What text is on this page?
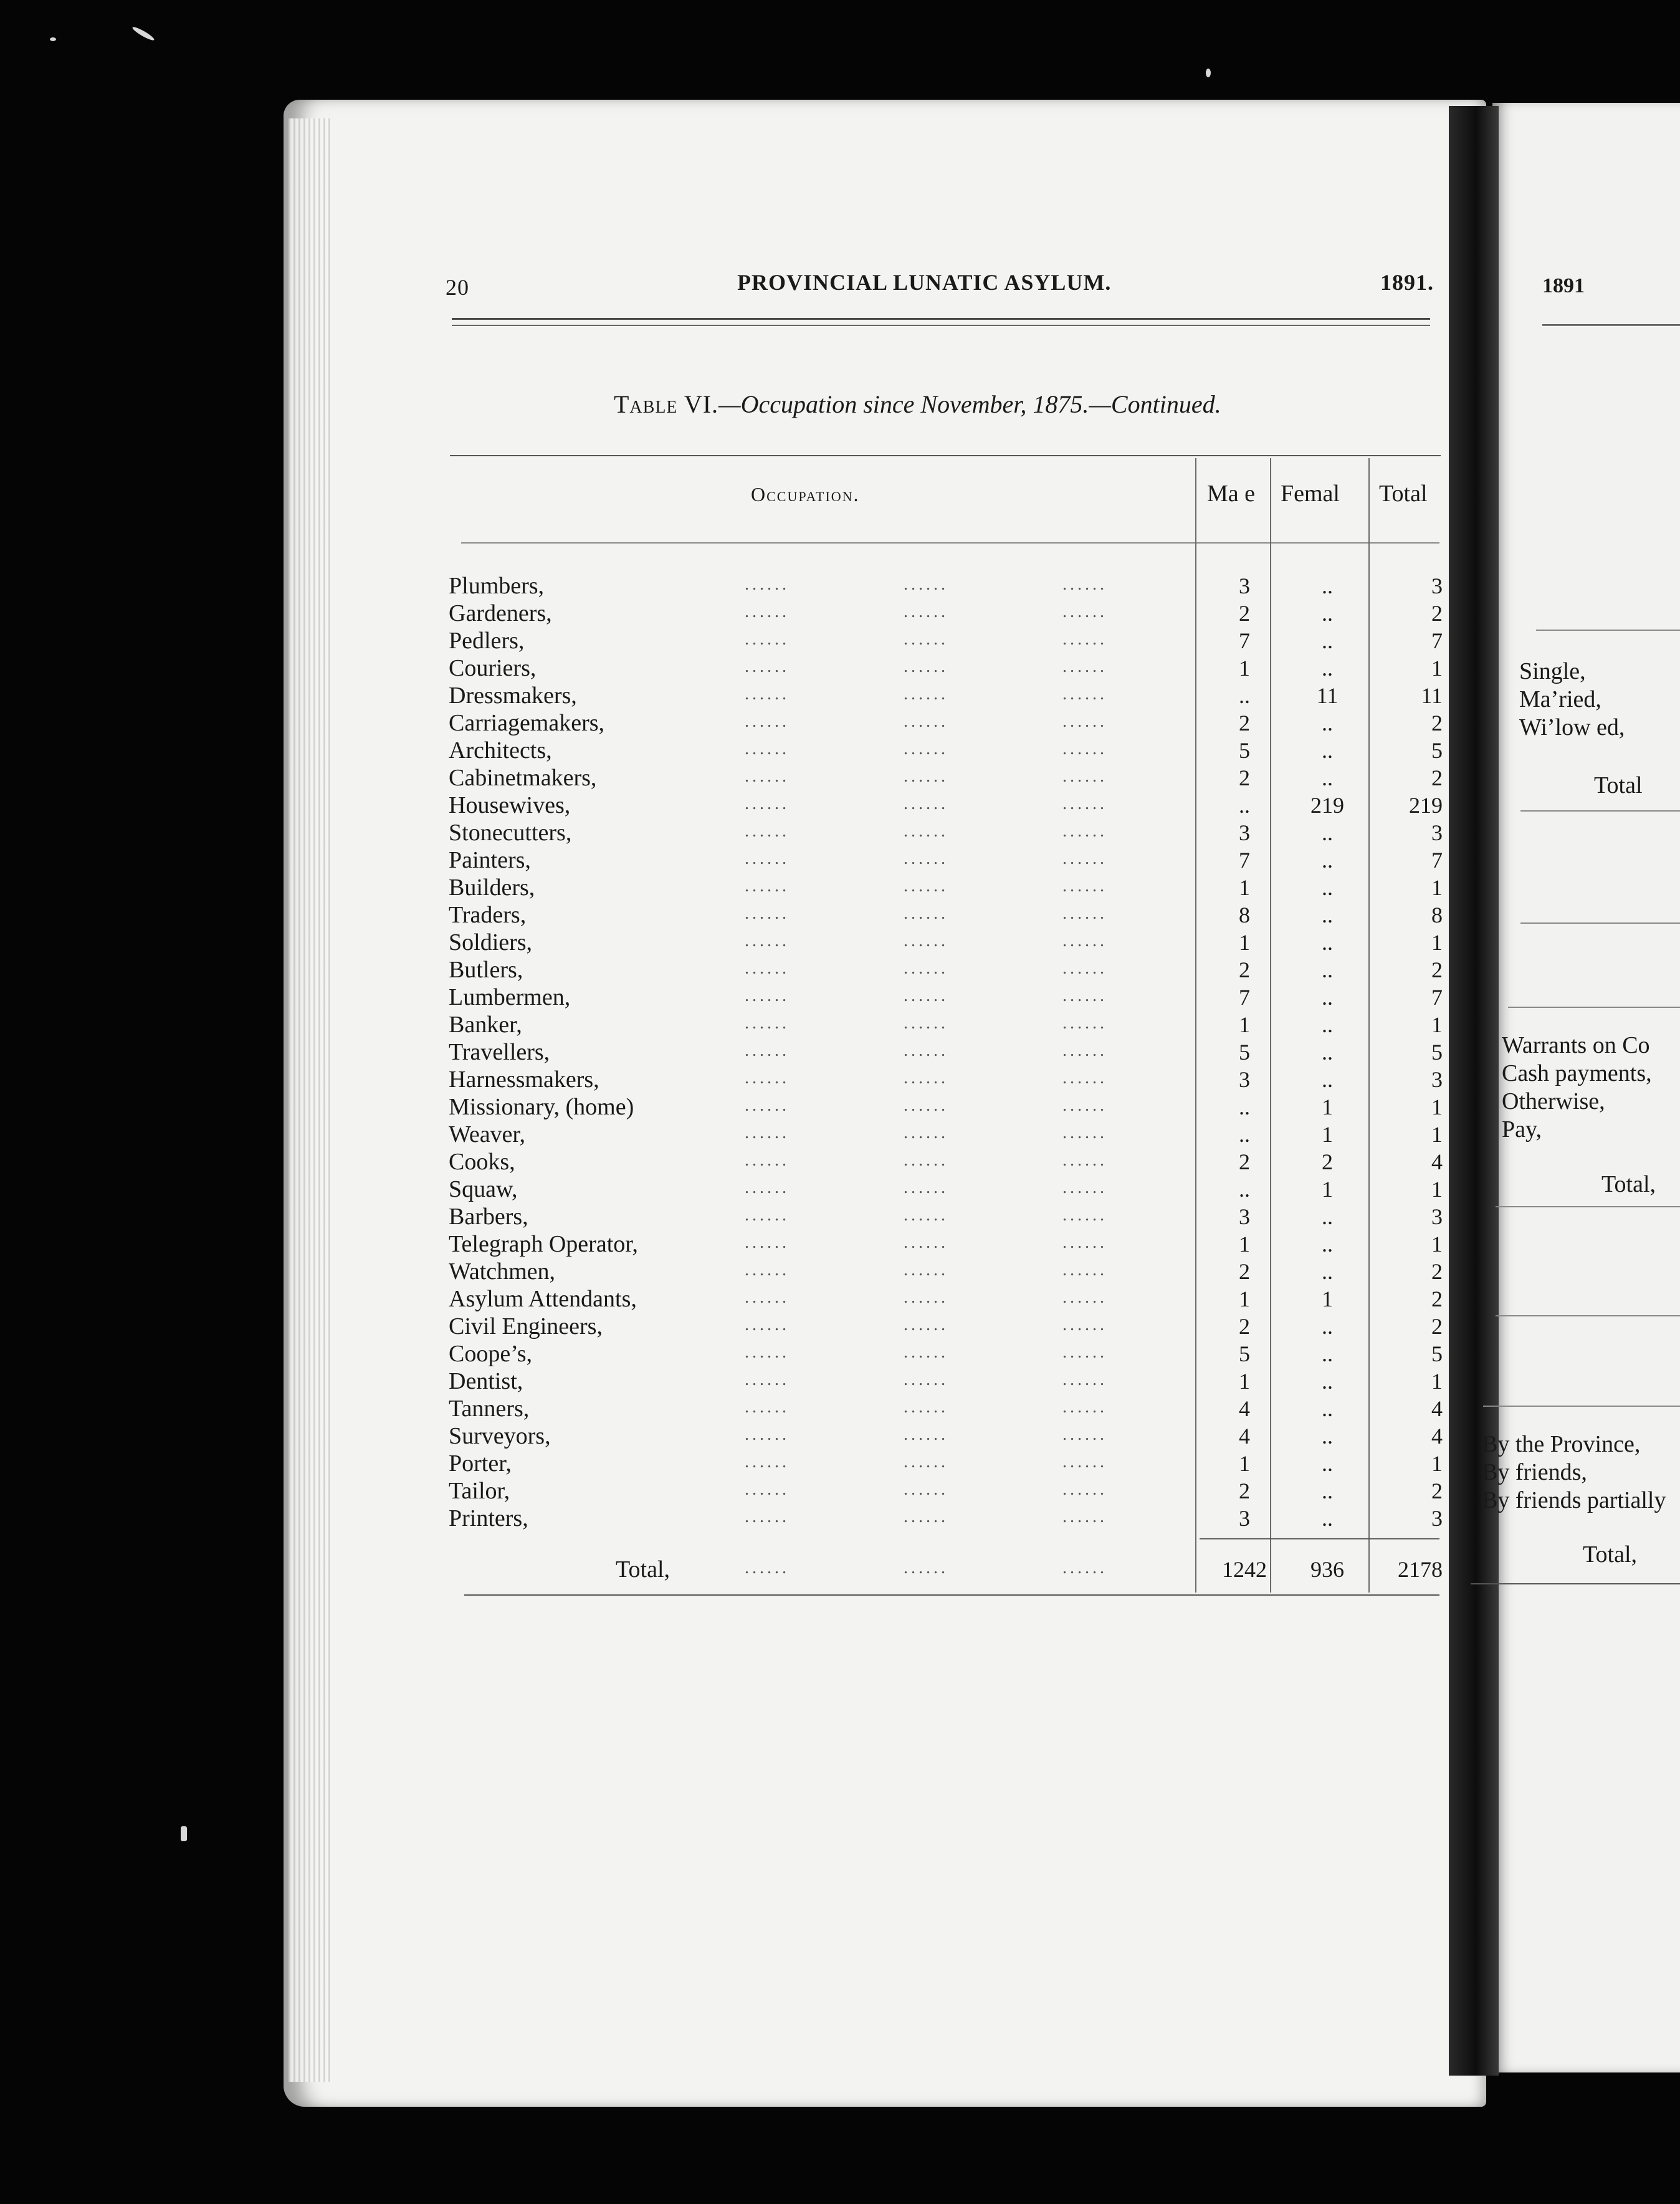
20	PROVINCIAL LUNATIC ASYLUM.	1891.
Table VI.—Occupation since November, 1875.—Continued.
Occupation.	Ma e Femal Total
Plumbers,	......	......	......	3	..	3
Gardeners,	......	......	......	2	..	2
Pedlers,	......	......	......	7	..	7
Couriers,	......	......	......	1	..	1
Dressmakers,	......	......	......	..	11	11
Carriagemakers,	......	......	......	2	..	2
Architects,	......	......	......	5	..	5
Cabinetmakers,	......	......	......	2	..	2
Housewives,	......	......	......	..	219	219
Stonecutters,	......	......	......	3	..	3
Painters,	......	......	......	7	..	7
Builders,	......	......	......	1	..	1
Traders,	......	......	......	8	..	8
Soldiers,	......	......	......	1	..	1
Butlers,	......	......	......	2	..	2
Lumbermen,	......	......	......	7	..	7
Banker,	......	......	......	1	..	1
Travellers,	......	......	......	5	..	5
Harnessmakers,	......	......	......	3	..	3
Missionary, (home)	......	......	......	..	1	1
Weaver,	......	......	......	..	1	1
Cooks,	......	......	......	2	2	4
Squaw,	......	......	......	..	1	1
Barbers,	......	......	......	3	..	3
Telegraph Operator,	......	......	......	1	..	1
Watchmen,	......	......	......	2	..	2
Asylum Attendants,	......	......	......	1	1	2
Civil Engineers,	......	......	......	2	..	2
Coope’s,	......	......	......	5	..	5
Dentist,	......	......	......	1	..	1
Tanners,	......	......	......	4	..	4
Surveyors,	......	......	......	4	..	4
Porter,	......	......	......	1	..	1
Tailor,	......	......	......	2	..	2
Printers,	......	......	......	3	..	3
Total,	......	......	......	1242	936	2178
1891
Single,
Ma’ried,
Wi’low ed,
Total
Warrants on Co
Cash payments,
Otherwise,
Pay,
Total,
By the Province,
By friends,
By friends partially
Total,
